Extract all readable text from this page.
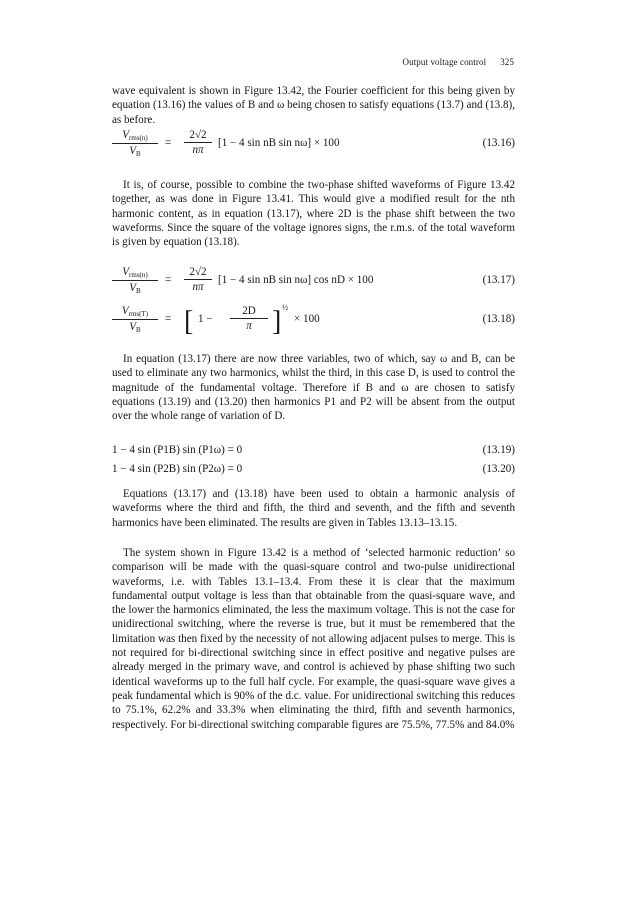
Output voltage control 325

wave equivalent is shown in Figure 13.42, the Fourier coefficient for this being given by equation (13.16) the values of B and ω being chosen to satisfy equations (13.7) and (13.8), as before.

$V_{rms(n)}$
$V_B$
= $\frac{2√2}{n\pi} [1 - 4$ sin nB sin nω] × 100	(13.16)

It is, of course, possible to combine the two-phase shifted waveforms of Figure 13.42 together, as was done in Figure 13.41. This would give a modified result for the nth harmonic content, as in equation (13.17), where 2D is the phase shift between the two waveforms. Since the square of the voltage ignores signs, the r.m.s. of the total waveform is given by equation (13.18).

$V_{rms(n)}$
$V_B$
= $\frac{2√2}{n\pi} [1 - 4$ sin nB sin nω] cos nD × 100	(13.17)
$V_{rms(T)}$
$V_B$
= [ 1 −
2D
π ] ½
× 100	(13.18)

In equation (13.17) there are now three variables, two of which, say ω and B, can be used to eliminate any two harmonics, whilst the third, in this case D, is used to control the magnitude of the fundamental voltage. Therefore if B and ω are chosen to satisfy equations (13.19) and (13.20) then harmonics P1 and P2 will be absent from the output over the whole range of variation of D.

1 − 4 sin (P1B) sin (P1ω) = 0	(13.19)
1 − 4 sin (P2B) sin (P2ω) = 0	(13.20)

Equations (13.17) and (13.18) have been used to obtain a harmonic analysis of waveforms where the third and fifth, the third and seventh, and the fifth and seventh harmonics have been eliminated. The results are given in Tables 13.13–13.15.

The system shown in Figure 13.42 is a method of ‘selected harmonic reduction’ so comparison will be made with the quasi-square control and two-pulse unidirectional waveforms, i.e. with Tables 13.1–13.4. From these it is clear that the maximum fundamental output voltage is less than that obtainable from the quasi-square wave, and the lower the harmonics eliminated, the less the maximum voltage. This is not the case for unidirectional switching, where the reverse is true, but it must be remembered that the limitation was then fixed by the necessity of not allowing adjacent pulses to merge. This is not required for bi-directional switching since in effect positive and negative pulses are already merged in the primary wave, and control is achieved by phase shifting two such identical waveforms up to the full half cycle. For example, the quasi-square wave gives a peak fundamental which is 90% of the d.c. value. For unidirectional switching this reduces to 75.1%, 62.2% and 33.3% when eliminating the third, fifth and seventh harmonics, respectively. For bi-directional switching comparable figures are 75.5%, 77.5% and 84.0%
